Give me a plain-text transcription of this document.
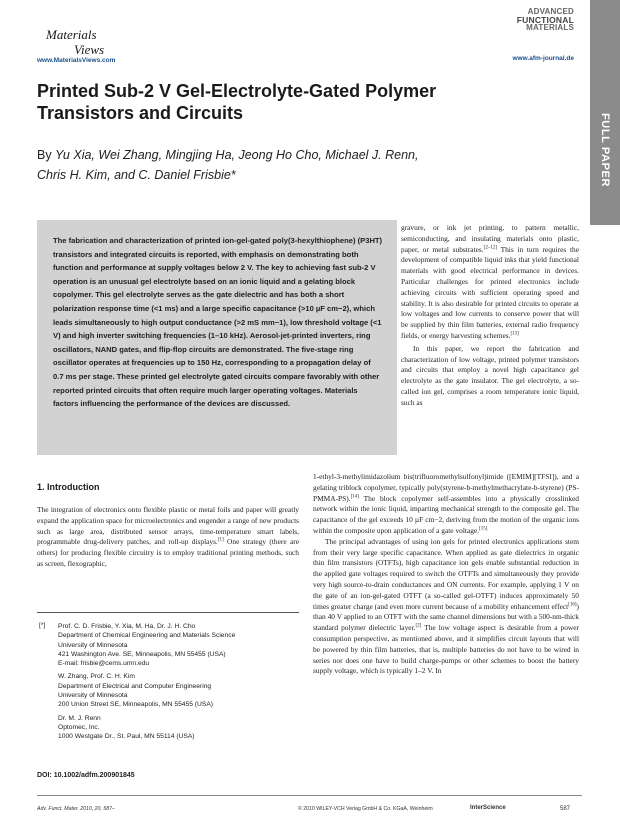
Materials
Views
www.MaterialsViews.com
ADVANCED
FUNCTIONAL
MATERIALS
www.afm-journal.de
FULL PAPER
Printed Sub-2 V Gel-Electrolyte-Gated Polymer
Transistors and Circuits
By Yu Xia, Wei Zhang, Mingjing Ha, Jeong Ho Cho, Michael J. Renn,
Chris H. Kim, and C. Daniel Frisbie*
The fabrication and characterization of printed ion-gel-gated poly(3-hexylthiophene) (P3HT) transistors and integrated circuits is reported, with emphasis on demonstrating both function and performance at supply voltages below 2 V. The key to achieving fast sub-2 V operation is an unusual gel electrolyte based on an ionic liquid and a gelating block copolymer. This gel electrolyte serves as the gate dielectric and has both a short polarization response time (<1 ms) and a large specific capacitance (>10 µF cm−2), which leads simultaneously to high output conductance (>2 mS mm−1), low threshold voltage (<1 V) and high inverter switching frequencies (1–10 kHz). Aerosol-jet-printed inverters, ring oscillators, NAND gates, and flip-flop circuits are demonstrated. The five-stage ring oscillator operates at frequencies up to 150 Hz, corresponding to a propagation delay of 0.7 ms per stage. These printed gel electrolyte gated circuits compare favorably with other reported printed circuits that often require much larger operating voltages. Materials factors influencing the performance of the devices are discussed.

gravure, or ink jet printing, to pattern metallic, semiconducting, and insulating materials onto plastic, paper, or metal substrates.[2–12] This in turn requires the development of compatible liquid inks that yield functional materials with good electrical performance in devices. Particular challenges for printed electronics include achieving circuits with sufficient operating speed and stability. It is also desirable for printed circuits to operate at low voltages and low currents to conserve power that will be supplied by thin film batteries, external radio frequency fields, or energy harvesting schemes.[13]

In this paper, we report the fabrication and characterization of low voltage, printed polymer transistors and circuits that employ a novel high capacitance gel electrolyte as the gate insulator. The gel electrolyte, a so-called ion gel, comprises a room temperature ionic liquid, such as

1-ethyl-3-methylimidazolium bis(trifluoromethylsulfonyl)imide ([EMIM][TFSI]), and a gelating triblock copolymer, typically poly(styrene-b-methylmethacrylate-b-styrene) (PS-PMMA-PS).[14] The block copolymer self-assembles into a physically crosslinked network within the ionic liquid, imparting mechanical strength to the composite gel. The capacitance of the gel exceeds 10 µF cm−2, deriving from the motion of the organic ions within the composite upon application of a gate voltage.[15]

The principal advantages of using ion gels for printed electronics applications stem from their very large specific capacitance. When applied as gate dielectrics in organic thin film transistors (OTFTs), high capacitance ion gels enable substantial reduction in the applied gate voltages required to switch the OTFTs and simultaneously they provide very high source-to-drain conductances and ON currents. For example, applying 1 V on the gate of an ion-gel-gated OTFT (a so-called gel-OTFT) induces approximately 50 times greater charge (and even more current because of a mobility enhancement effect[16]) than 40 V applied to an OTFT with the same channel dimensions but with a 500-nm-thick standard polymer dielectric layer.[2] The low voltage aspect is desirable from a power consumption perspective, as mentioned above, and it simplifies circuit layouts that will be powered by thin film batteries, that is, multiple batteries do not have to be wired in series nor does one have to build charge-pumps or other schemes to boost the battery supply voltage, which is typically 1–2 V. In

1. Introduction
The integration of electronics onto flexible plastic or metal foils and paper will greatly expand the application space for microelectronics and engender a range of new products such as large area, distributed sensor arrays, time-temperature smart labels, programmable drug-delivery patches, and roll-up displays.[1] One strategy (there are others) for producing flexible circuitry is to employ traditional printing methods, such as screen, flexographic,
[*] Prof. C. D. Frisbie, Y. Xia, M. Ha, Dr. J. H. Cho
Department of Chemical Engineering and Materials Science
University of Minnesota
421 Washington Ave. SE, Minneapolis, MN 55455 (USA)
E-mail: frisbie@cems.umn.edu
W. Zhang, Prof. C. H. Kim
Department of Electrical and Computer Engineering
University of Minnesota
200 Union Street SE, Minneapolis, MN 55455 (USA)
Dr. M. J. Renn
Optomec, Inc.
1000 Westgate Dr., St. Paul, MN 55114 (USA)
DOI: 10.1002/adfm.200901845
Adv. Funct. Mater. 2010, 20, 587–	© 2010 WILEY-VCH Verlag GmbH & Co. KGaA, Weinheim	InterScience	587
